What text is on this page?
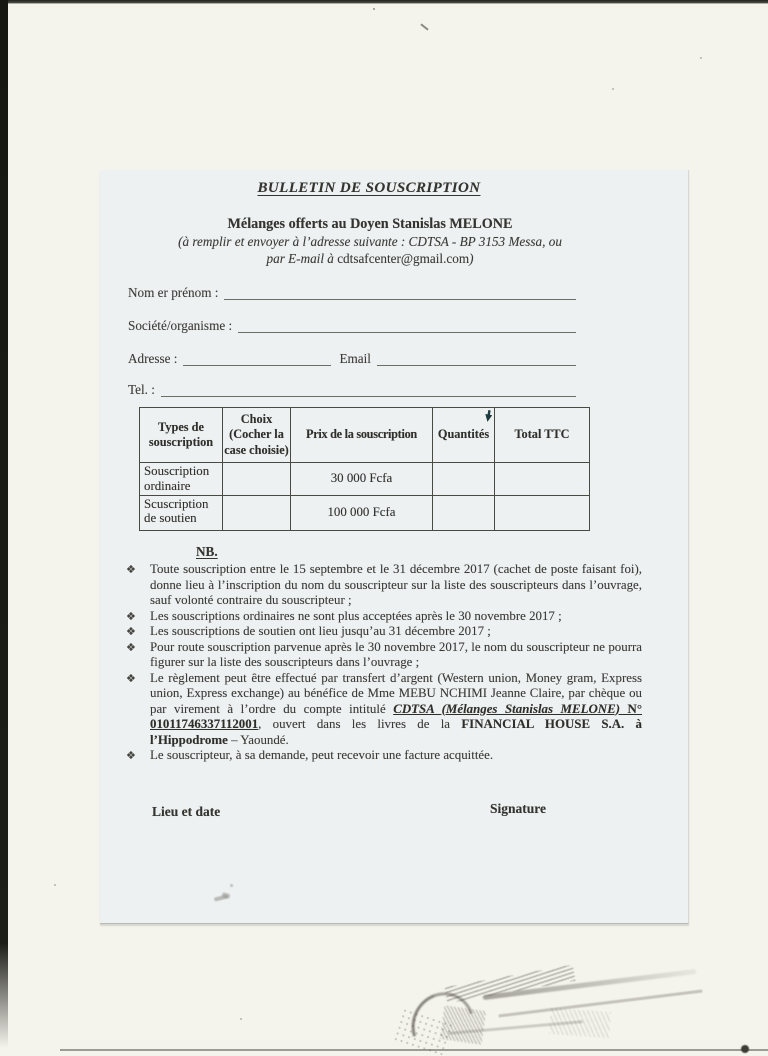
BULLETIN DE SOUSCRIPTION
Mélanges offerts au Doyen Stanislas MELONE
(à remplir et envoyer à l’adresse suivante : CDTSA - BP 3153 Messa, ou
par E-mail à cdtsafcenter@gmail.com)
Nom er prénom :
Société/organisme :
Adresse :	Email
Tel. :
Types de souscription	Choix (Cocher la case choisie)	Prix de la souscription	Quantités	Total TTC
Souscription ordinaire		30 000 Fcfa		
Scuscription de soutien		100 000 Fcfa		
NB.
❖	Toute souscription entre le 15 septembre et le 31 décembre 2017 (cachet de poste faisant foi), donne lieu à l’inscription du nom du souscripteur sur la liste des souscripteurs dans l’ouvrage, sauf volonté contraire du souscripteur ;
❖	Les souscriptions ordinaires ne sont plus acceptées après le 30 novembre 2017 ;
❖	Les souscriptions de soutien ont lieu jusqu’au 31 décembre 2017 ;
❖	Pour route souscription parvenue après le 30 novembre 2017, le nom du souscripteur ne pourra figurer sur la liste des souscripteurs dans l’ouvrage ;
❖	Le règlement peut être effectué par transfert d’argent (Western union, Money gram, Express union, Express exchange) au bénéfice de Mme MEBU NCHIMI Jeanne Claire, par chèque ou par virement à l’ordre du compte intitulé CDTSA (Mélanges Stanislas MELONE) N° 01011746337112001, ouvert dans les livres de la FINANCIAL HOUSE S.A. à l’Hippodrome – Yaoundé.
❖	Le souscripteur, à sa demande, peut recevoir une facture acquittée.
Lieu et date	Signature
